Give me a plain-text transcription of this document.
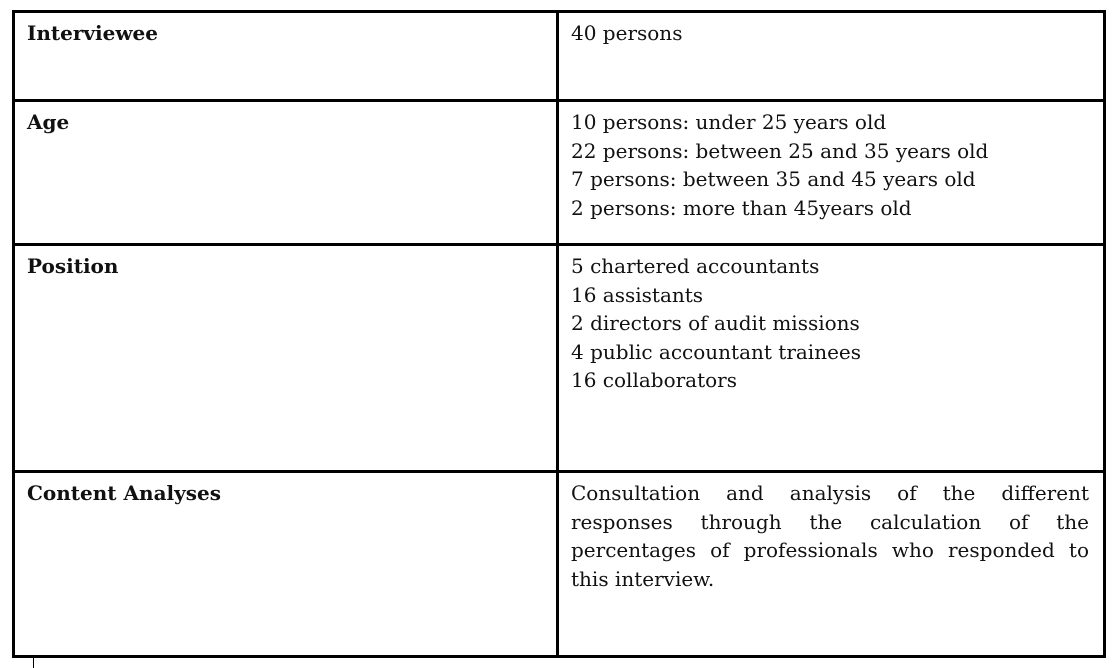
Interviewee	40 persons

Age	10 persons: under 25 years old
22 persons: between 25 and 35 years old
7 persons: between 35 and 45 years old
2 persons: more than 45years old

Position	5 chartered accountants
16 assistants
2 directors of audit missions
4 public accountant trainees
16 collaborators

Content Analyses	Consultation and analysis of the different responses through the calculation of the percentages of professionals who responded to this interview.
